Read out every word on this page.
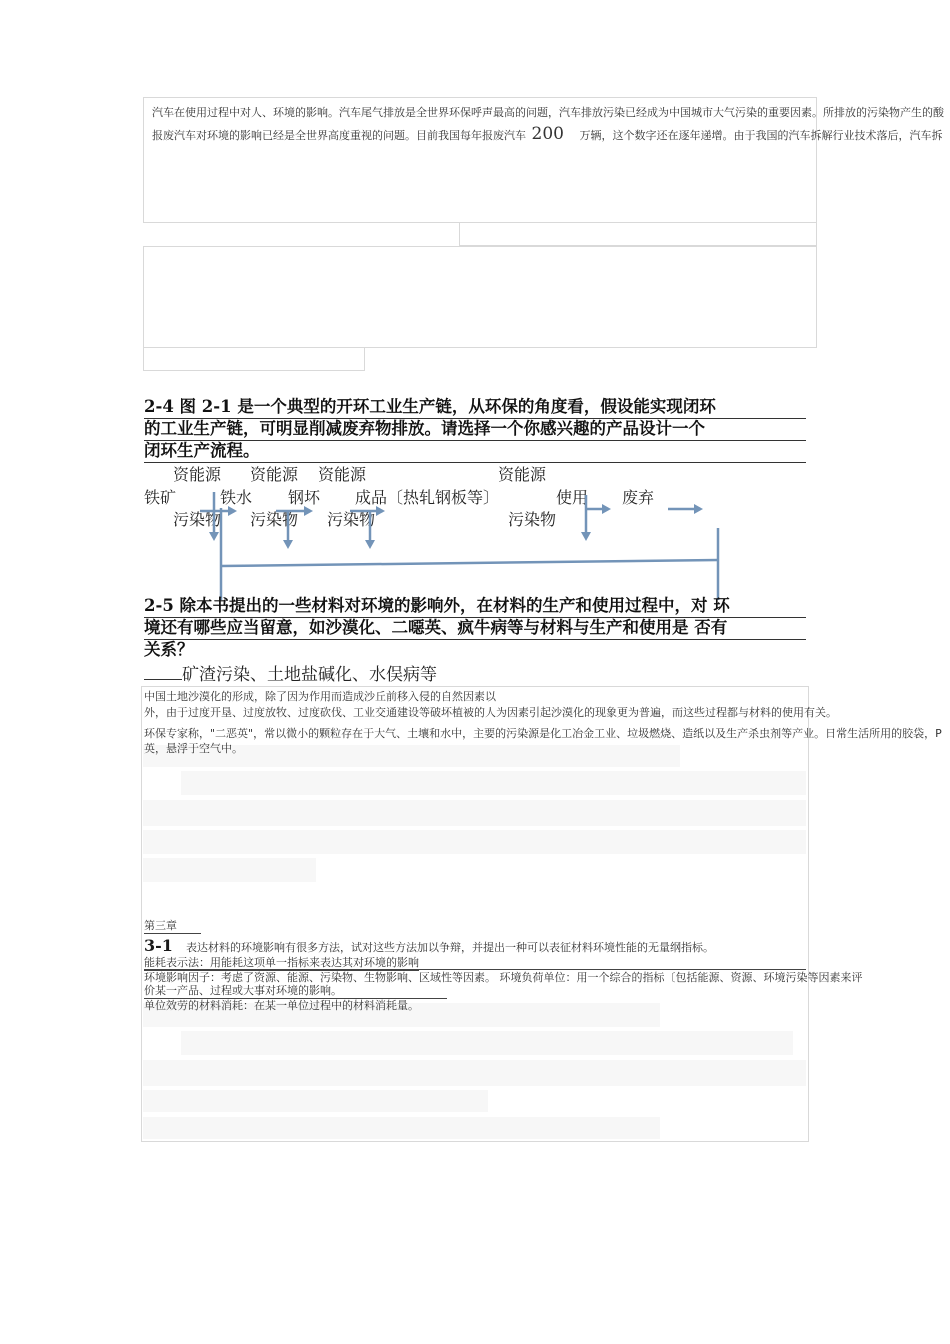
汽车在使用过程中对人、环境的影响。汽车尾气排放是全世界环保呼声最高的问题，汽车排放污染已经成为中国城市大气污染的重要因素。所排放的污染物产生的酸
报废汽车对环境的影响已经是全世界高度重视的问题。目前我国每年报废汽车 200 万辆，这个数字还在逐年递增。由于我国的汽车拆解行业技术落后，汽车拆
2-4 图 2-1 是一个典型的开环工业生产链，从环保的角度看，假设能实现闭环
的工业生产链，可明显削减废弃物排放。请选择一个你感兴趣的产品设计一个
闭环生产流程。
资能源 资能源 资能源	资能源
铁矿	铁水 钢坏 成品〔热轧钢板等〕	使用 废弃
污染物 污染物 污染物	污染物
2-5 除本书提出的一些材料对环境的影响外，在材料的生产和使用过程中，对 环
境还有哪些应当留意，如沙漠化、二噁英、疯牛病等与材料与生产和使用是 否有
关系？
矿渣污染、土地盐碱化、水俣病等
中国土地沙漠化的形成，除了因为作用而造成沙丘前移入侵的自然因素以
外，由于过度开垦、过度放牧、过度砍伐、工业交通建设等破坏植被的人为因素引起沙漠化的现象更为普遍，而这些过程都与材料的使用有关。
环保专家称，"二恶英"，常以微小的颗粒存在于大气、土壤和水中，主要的污染源是化工冶金工业、垃圾燃烧、造纸以及生产杀虫剂等产业。日常生活所用的胶袋，P
英，悬浮于空气中。
第三章
3-1 表达材料的环境影响有很多方法，试对这些方法加以争辩，并提出一种可以表征材料环境性能的无量纲指标。
能耗表示法：用能耗这项单一指标来表达其对环境的影响
环境影响因子：考虑了资源、能源、污染物、生物影响、区域性等因素。 环境负荷单位：用一个综合的指标〔包括能源、资源、环境污染等因素来评
价某一产品、过程或大事对环境的影响。
单位效劳的材料消耗：在某一单位过程中的材料消耗量。
